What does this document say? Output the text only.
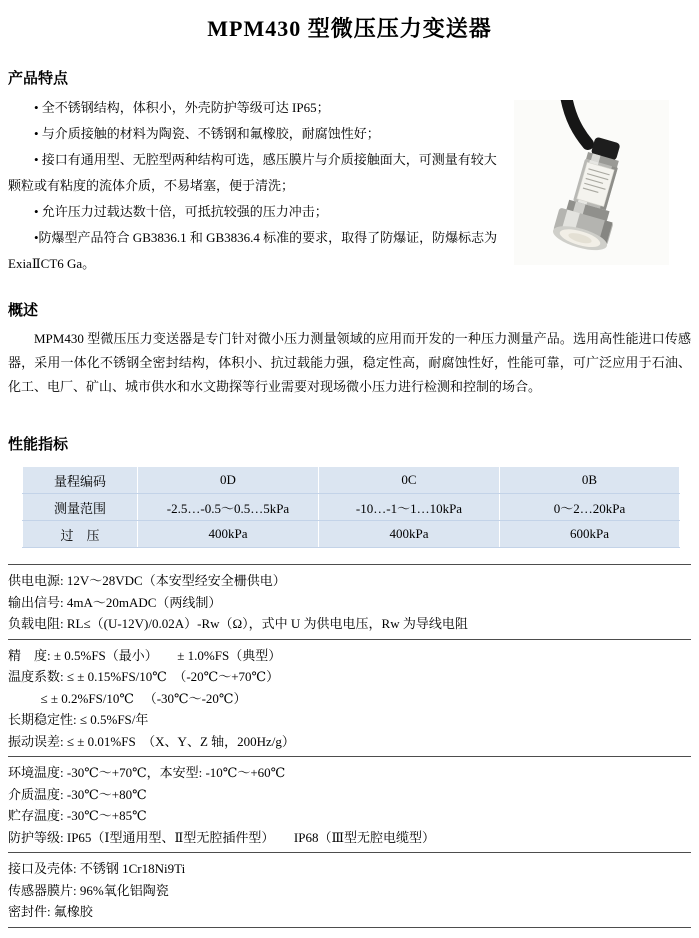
MPM430 型微压压力变送器
产品特点

• 全不锈钢结构，体积小，外壳防护等级可达 IP65；

• 与介质接触的材料为陶瓷、不锈钢和氟橡胶，耐腐蚀性好；

• 接口有通用型、无腔型两种结构可选，感压膜片与介质接触面大，可测量有较大颗粒或有粘度的流体介质，不易堵塞，便于清洗；

• 允许压力过载达数十倍，可抵抗较强的压力冲击；

•防爆型产品符合 GB3836.1 和 GB3836.4 标准的要求，取得了防爆证，防爆标志为 ExiaⅡCT6 Ga。

概述

MPM430 型微压压力变送器是专门针对微小压力测量领域的应用而开发的一种压力测量产品。选用高性能进口传感器，采用一体化不锈钢全密封结构，体积小、抗过载能力强，稳定性高，耐腐蚀性好，性能可靠，可广泛应用于石油、化工、电厂、矿山、城市供水和水文勘探等行业需要对现场微小压力进行检测和控制的场合。

性能指标
量程编码	0D	0C	0B
测量范围	-2.5…-0.5～0.5…5kPa	-10…-1～1…10kPa	0～2…20kPa
过    压	400kPa	400kPa	600kPa

供电电源: 12V～28VDC（本安型经安全栅供电）

输出信号: 4mA～20mADC（两线制）

负载电阻: RL≤（(U-12V)/0.02A）-Rw（Ω），式中 U 为供电电压，Rw 为导线电阻

精    度: ± 0.5%FS（最小）      ± 1.0%FS（典型）

温度系数: ≤ ± 0.15%FS/10℃  （-20℃～+70℃）

≤ ± 0.2%FS/10℃   （-30℃～-20℃）

长期稳定性: ≤ 0.5%FS/年

振动误差: ≤ ± 0.01%FS  （X、Y、Z 轴，200Hz/g）

环境温度: -30℃～+70℃，本安型: -10℃～+60℃

介质温度: -30℃～+80℃

贮存温度: -30℃～+85℃

防护等级: IP65（Ⅰ型通用型、Ⅱ型无腔插件型）      IP68（Ⅲ型无腔电缆型）

接口及壳体: 不锈钢 1Cr18Ni9Ti

传感器膜片: 96%氧化铝陶瓷

密封件: 氟橡胶
